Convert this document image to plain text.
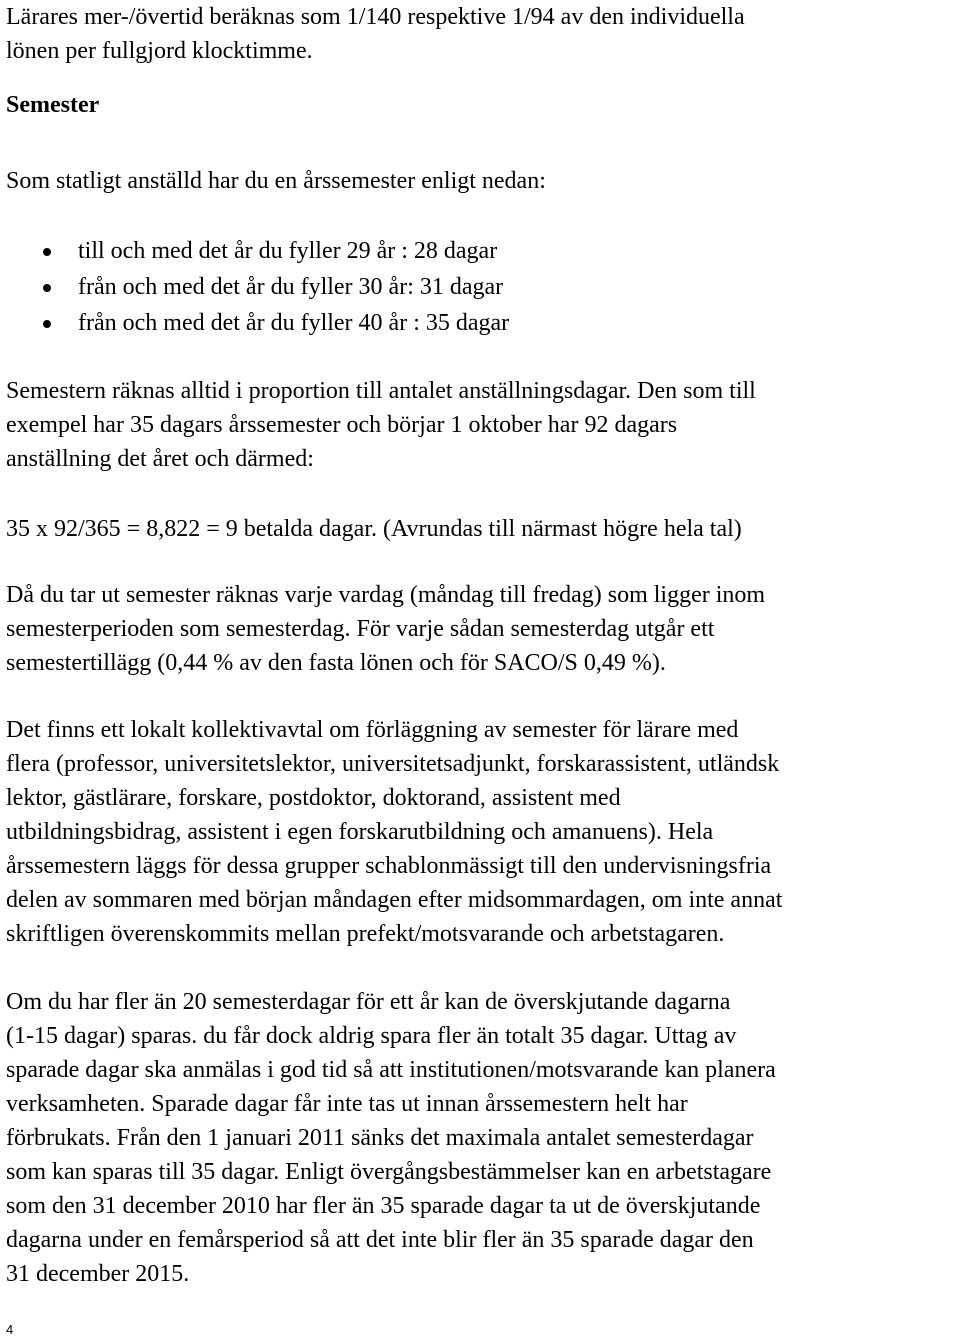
Lärares mer-/övertid beräknas som 1/140 respektive 1/94 av den individuella
lönen per fullgjord klocktimme.
Semester
Som statligt anställd har du en årssemester enligt nedan:
till och med det år du fyller 29 år : 28 dagar
från och med det år du fyller 30 år: 31 dagar
från och med det år du fyller 40 år : 35 dagar
Semestern räknas alltid i proportion till antalet anställningsdagar. Den som till
exempel har 35 dagars årssemester och börjar 1 oktober har 92 dagars
anställning det året och därmed:
35 x 92/365 = 8,822 = 9 betalda dagar. (Avrundas till närmast högre hela tal)
Då du tar ut semester räknas varje vardag (måndag till fredag) som ligger inom
semesterperioden som semesterdag. För varje sådan semesterdag utgår ett
semestertillägg (0,44 % av den fasta lönen och för SACO/S 0,49 %).
Det finns ett lokalt kollektivavtal om förläggning av semester för lärare med
flera (professor, universitetslektor, universitetsadjunkt, forskarassistent, utländsk
lektor, gästlärare, forskare, postdoktor, doktorand, assistent med
utbildningsbidrag, assistent i egen forskarutbildning och amanuens). Hela
årssemestern läggs för dessa grupper schablonmässigt till den undervisningsfria
delen av sommaren med början måndagen efter midsommardagen, om inte annat
skriftligen överenskommits mellan prefekt/motsvarande och arbetstagaren.
Om du har fler än 20 semesterdagar för ett år kan de överskjutande dagarna
(1-15 dagar) sparas. du får dock aldrig spara fler än totalt 35 dagar. Uttag av
sparade dagar ska anmälas i god tid så att institutionen/motsvarande kan planera
verksamheten. Sparade dagar får inte tas ut innan årssemestern helt har
förbrukats. Från den 1 januari 2011 sänks det maximala antalet semesterdagar
som kan sparas till 35 dagar. Enligt övergångsbestämmelser kan en arbetstagare
som den 31 december 2010 har fler än 35 sparade dagar ta ut de överskjutande
dagarna under en femårsperiod så att det inte blir fler än 35 sparade dagar den
31 december 2015.
4
